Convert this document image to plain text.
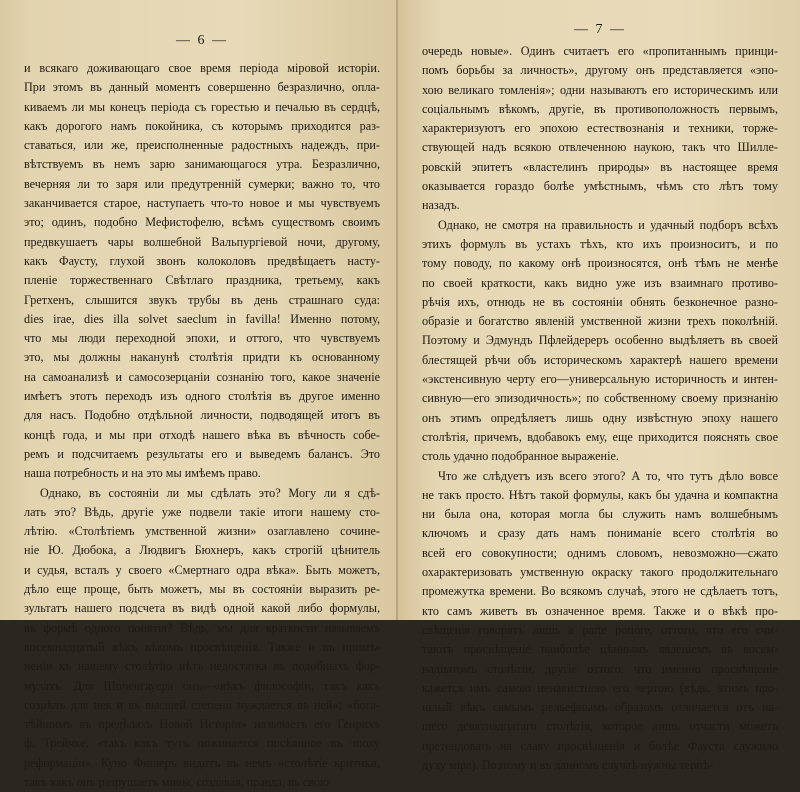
— 6 —

и всякаго доживающаго свое время періода міровой исторіи.
При этомъ въ данный моментъ совершенно безразлично, опла-
киваемъ ли мы конецъ періода съ горестью и печалью въ сердцѣ,
какъ дорогого намъ покойника, съ которымъ приходится раз-
ставаться, или же, преисполненные радостныхъ надеждъ, при-
вѣтствуемъ въ немъ зарю занимающагося утра. Безразлично,
вечерняя ли то заря или предутренній сумерки; важно то, что
заканчивается старое, наступаетъ что-то новое и мы чувствуемъ
это; одинъ, подобно Мефистофелю, всѣмъ существомъ своимъ
предвкушаетъ чары волшебной Вальпургіевой ночи, другому,
какъ Фаусту, глухой звонъ колоколовъ предвѣщаетъ насту-
пленіе торжественнаго Свѣтлаго праздника, третьему, какъ
Гретхенъ, слышится звукъ трубы въ день страшнаго суда:
dies irae, dies illa solvet saeclum in favilla! Именно потому,
что мы люди переходной эпохи, и оттого, что чувствуемъ
это, мы должны наканунѣ столѣтія придти къ основанному
на самоанализѣ и самосозерцаніи сознанію того, какое значеніе
имѣетъ этотъ переходъ изъ одного столѣтія въ другое именно
для насъ. Подобно отдѣльной личности, подводящей итогъ въ
концѣ года, и мы при отходѣ нашего вѣка въ вѣчность собе-
ремъ и подсчитаемъ результаты его и выведемъ балансъ. Это
наша потребность и на это мы имѣемъ право.

Однако, въ состояніи ли мы сдѣлать это? Могу ли я сдѣ-
лать это? Вѣдь, другіе уже подвели такіе итоги нашему сто-
лѣтію. «Столѣтіемъ умственной жизни» озаглавлено сочине-
ніе Ю. Дюбока, а Людвигъ Бюхнеръ, какъ строгій цѣнитель
и судья, всталъ у своего «Смертнаго одра вѣка». Быть можетъ,
дѣло еще проще, быть можетъ, мы въ состояніи выразить ре-
зультатъ нашего подсчета въ видѣ одной какой либо формулы,
въ формѣ одного понятія? Вѣдь, мы для краткости называемъ
восемнадцатый вѣкъ вѣкомъ просвѣщенія. Также и въ примѣ-
неніи къ нашему столѣтію нѣтъ недостатка въ подобныхъ фор-
мулахъ. Для Шопенгауера онъ—«вѣкъ философіи, такъ какъ
созрѣлъ для нея и въ высшей степени нуждается въ ней»; «бога-
тѣйшимъ въ предѣлахъ Новой Исторіи» называетъ его Генрихъ
ф. Трейчке, «такъ какъ тутъ пожинается посѣянное въ эпоху
реформаціи». Куно Фишеръ видитъ въ немъ «столѣтіе критики,
такъ какъ онъ разрушаетъ миѳы, создавая, правда, въ свою

— 7 —

очередь новые». Одинъ считаетъ его «пропитаннымъ принци-
помъ борьбы за личность», другому онъ представляется «эпо-
хою великаго томленія»; одни называютъ его историческимъ или
соціальнымъ вѣкомъ, другіе, въ противоположность первымъ,
характеризуютъ его эпохою естествознанія и техники, торже-
ствующей надъ всякою отвлеченною наукою, такъ что Шилле-
ровскій эпитетъ «властелинъ природы» въ настоящее время
оказывается гораздо болѣе умѣстнымъ, чѣмъ сто лѣтъ тому
назадъ.

Однако, не смотря на правильность и удачный подборъ всѣхъ
этихъ формулъ въ устахъ тѣхъ, кто ихъ произноситъ, и по
тому поводу, по какому онѣ произносятся, онѣ тѣмъ не менѣе
по своей краткости, какъ видно уже изъ взаимнаго противо-
рѣчія ихъ, отнюдь не въ состояніи обнять безконечное разно-
образіе и богатство явленій умственной жизни трехъ поколѣній.
Поэтому и Эдмундъ Пфлейдереръ особенно выдѣляетъ въ своей
блестящей рѣчи объ историческомъ характерѣ нашего времени
«экстенсивную черту его—универсальную историчность и интен-
сивную—его эпизодичность»; по собственному своему признанію
онъ этимъ опредѣляетъ лишь одну извѣстную эпоху нашего
столѣтія, причемъ, вдобавокъ ему, еще приходится пояснять свое
столь удачно подобранное выраженіе.

Что же слѣдуетъ изъ всего этого? А то, что тутъ дѣло вовсе
не такъ просто. Нѣтъ такой формулы, какъ бы удачна и компактна
ни была она, которая могла бы служить намъ волшебнымъ
ключомъ и сразу дать намъ пониманіе всего столѣтія во
всей его совокупности; однимъ словомъ, невозможно—сжато
охарактеризовать умственную окраску такого продолжительнаго
промежутка времени. Во всякомъ случаѣ, этого не сдѣлаетъ тотъ,
кто самъ живетъ въ означенное время. Также и о вѣкѣ про-
свѣщенія говорятъ лишь a parte potiore, оттого, что его счи-
таютъ просвѣщеніе наиболѣе цѣннымъ явленіемъ въ восем-
надцатомъ столѣтіи, другіе оттого, что именно просвѣщеніе
кажется имъ самою ненавистною его чертою (вѣдь, этимъ про-
шлый вѣкъ самымъ рельефнымъ образомъ отличается отъ на-
шего девятнадцатаго столѣтія, которое лишь отчасти можетъ
претендовать на славу просвѣщенія и болѣе Фауста служило
духу міра). Поэтому и въ данномъ случаѣ нужны терпѣ-
